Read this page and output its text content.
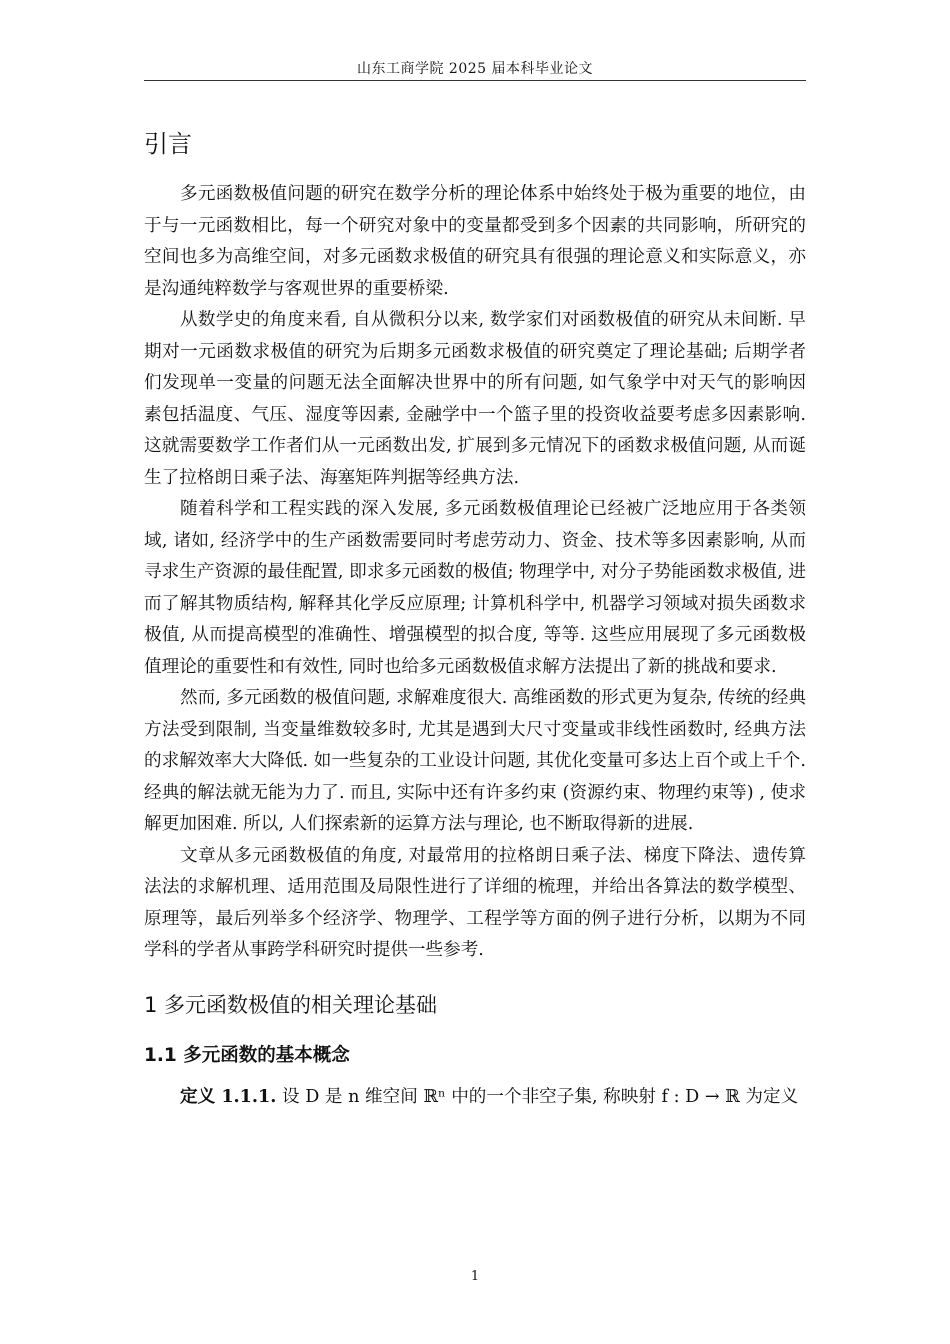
山东工商学院 2025 届本科毕业论文
引言

多元函数极值问题的研究在数学分析的理论体系中始终处于极为重要的地位，由于与一元函数相比，每一个研究对象中的变量都受到多个因素的共同影响，所研究的空间也多为高维空间，对多元函数求极值的研究具有很强的理论意义和实际意义，亦是沟通纯粹数学与客观世界的重要桥梁.

从数学史的角度来看, 自从微积分以来, 数学家们对函数极值的研究从未间断. 早期对一元函数求极值的研究为后期多元函数求极值的研究奠定了理论基础; 后期学者们发现单一变量的问题无法全面解决世界中的所有问题, 如气象学中对天气的影响因素包括温度、气压、湿度等因素, 金融学中一个篮子里的投资收益要考虑多因素影响. 这就需要数学工作者们从一元函数出发, 扩展到多元情况下的函数求极值问题, 从而诞生了拉格朗日乘子法、海塞矩阵判据等经典方法.

随着科学和工程实践的深入发展, 多元函数极值理论已经被广泛地应用于各类领域, 诸如, 经济学中的生产函数需要同时考虑劳动力、资金、技术等多因素影响, 从而寻求生产资源的最佳配置, 即求多元函数的极值; 物理学中, 对分子势能函数求极值, 进而了解其物质结构, 解释其化学反应原理; 计算机科学中, 机器学习领域对损失函数求极值, 从而提高模型的准确性、增强模型的拟合度, 等等. 这些应用展现了多元函数极值理论的重要性和有效性, 同时也给多元函数极值求解方法提出了新的挑战和要求.

然而, 多元函数的极值问题, 求解难度很大. 高维函数的形式更为复杂, 传统的经典方法受到限制, 当变量维数较多时, 尤其是遇到大尺寸变量或非线性函数时, 经典方法的求解效率大大降低. 如一些复杂的工业设计问题, 其优化变量可多达上百个或上千个. 经典的解法就无能为力了. 而且, 实际中还有许多约束 (资源约束、物理约束等) , 使求解更加困难. 所以, 人们探索新的运算方法与理论, 也不断取得新的进展.

文章从多元函数极值的角度, 对最常用的拉格朗日乘子法、梯度下降法、遗传算法法的求解机理、适用范围及局限性进行了详细的梳理，并给出各算法的数学模型、原理等，最后列举多个经济学、物理学、工程学等方面的例子进行分析，以期为不同学科的学者从事跨学科研究时提供一些参考.

1 多元函数极值的相关理论基础
1.1 多元函数的基本概念

定义 1.1.1. 设 D 是 n 维空间 ℝⁿ 中的一个非空子集, 称映射 f : D → ℝ 为定义

1
